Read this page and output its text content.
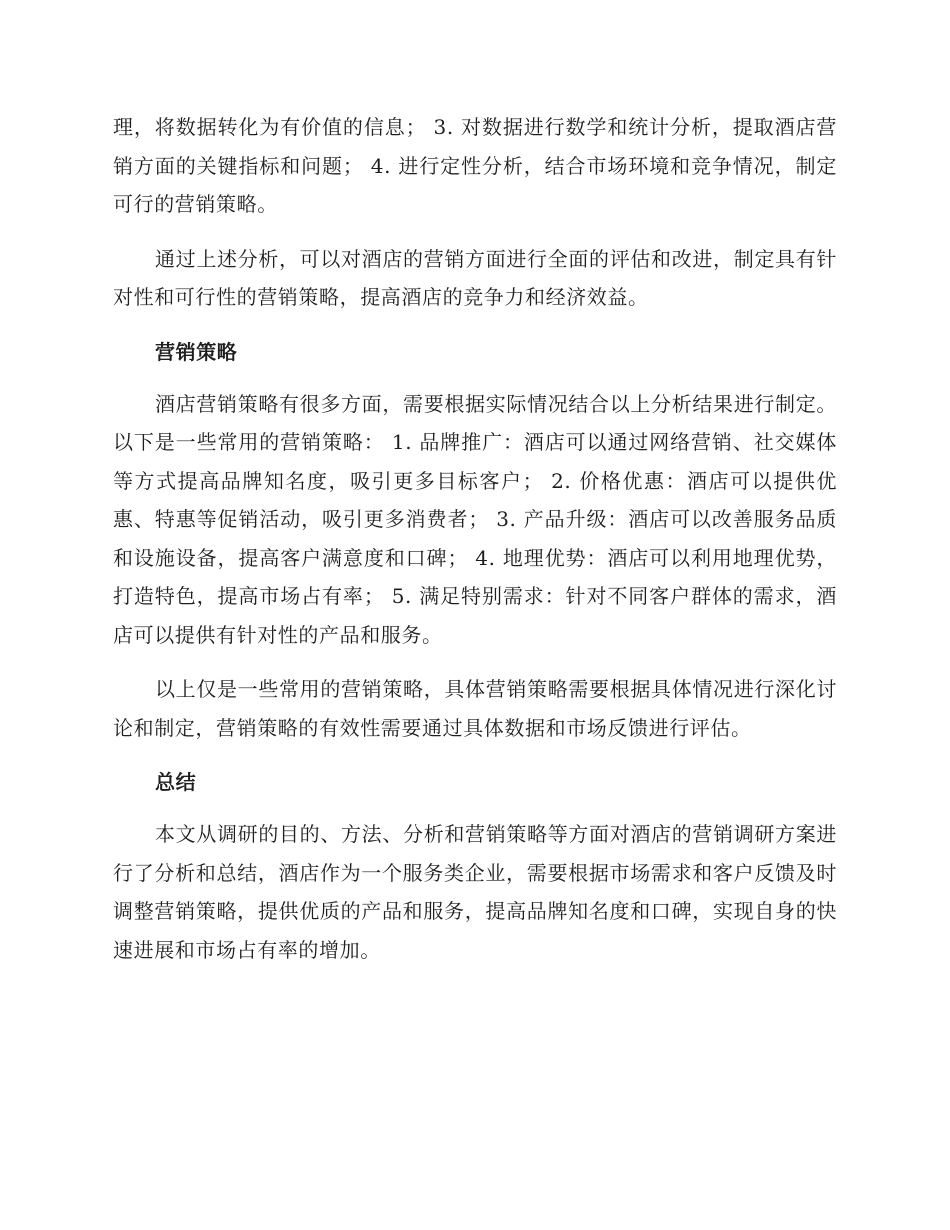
理，将数据转化为有价值的信息； 3. 对数据进行数学和统计分析，提取酒店营销方面的关键指标和问题； 4. 进行定性分析，结合市场环境和竞争情况，制定可行的营销策略。

通过上述分析，可以对酒店的营销方面进行全面的评估和改进，制定具有针对性和可行性的营销策略，提高酒店的竞争力和经济效益。

营销策略

酒店营销策略有很多方面，需要根据实际情况结合以上分析结果进行制定。以下是一些常用的营销策略： 1. 品牌推广：酒店可以通过网络营销、社交媒体等方式提高品牌知名度，吸引更多目标客户； 2. 价格优惠：酒店可以提供优惠、特惠等促销活动，吸引更多消费者； 3. 产品升级：酒店可以改善服务品质和设施设备，提高客户满意度和口碑； 4. 地理优势：酒店可以利用地理优势，打造特色，提高市场占有率； 5. 满足特别需求：针对不同客户群体的需求，酒店可以提供有针对性的产品和服务。

以上仅是一些常用的营销策略，具体营销策略需要根据具体情况进行深化讨论和制定，营销策略的有效性需要通过具体数据和市场反馈进行评估。

总结

本文从调研的目的、方法、分析和营销策略等方面对酒店的营销调研方案进行了分析和总结，酒店作为一个服务类企业，需要根据市场需求和客户反馈及时调整营销策略，提供优质的产品和服务，提高品牌知名度和口碑，实现自身的快速进展和市场占有率的增加。
